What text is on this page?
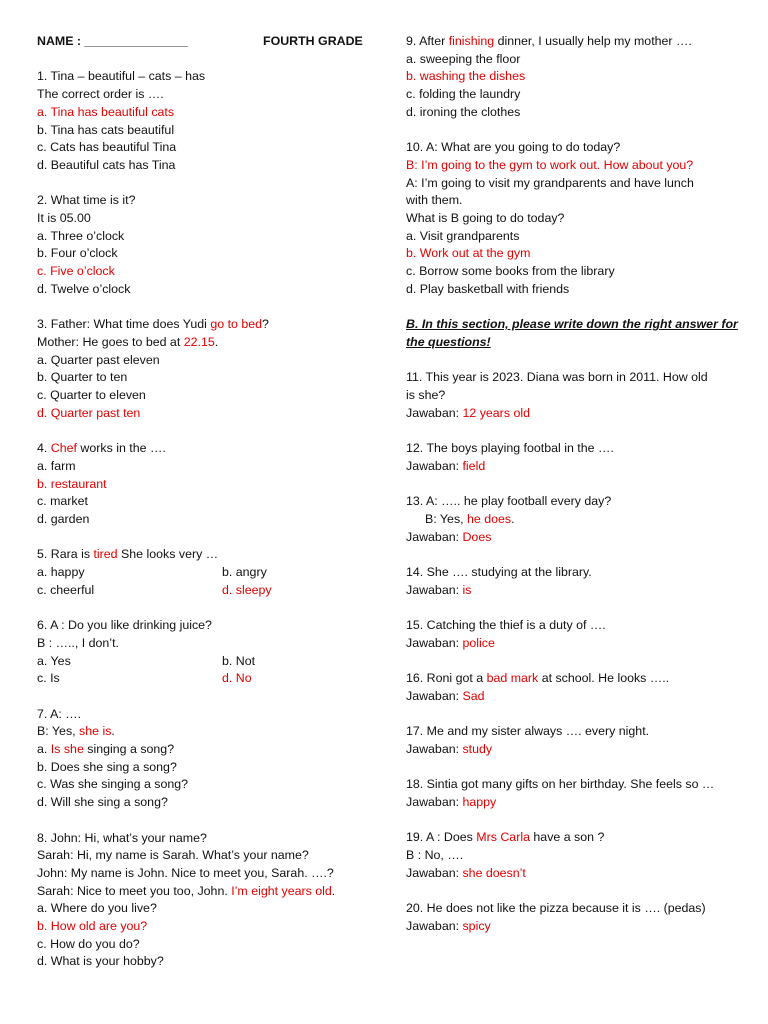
NAME : _______________	FOURTH GRADE
1. Tina – beautiful – cats – has
The correct order is ….
a. Tina has beautiful cats
b. Tina has cats beautiful
c. Cats has beautiful Tina
d. Beautiful cats has Tina
2. What time is it?
It is 05.00
a. Three o’clock
b. Four o’clock
c. Five o’clock
d. Twelve o’clock
3. Father: What time does Yudi go to bed?
Mother: He goes to bed at 22.15.
a. Quarter past eleven
b. Quarter to ten
c. Quarter to eleven
d. Quarter past ten
4. Chef works in the ….
a. farm
b. restaurant
c. market
d. garden
5. Rara is tired She looks very …
a. happy	b. angry
c. cheerful	d. sleepy
6. A : Do you like drinking juice?
B : ….., I don’t.
a. Yes	b. Not
c. Is	d. No
7. A: ….
B: Yes, she is.
a. Is she singing a song?
b. Does she sing a song?
c. Was she singing a song?
d. Will she sing a song?
8. John: Hi, what’s your name?
Sarah: Hi, my name is Sarah. What’s your name?
John: My name is John. Nice to meet you, Sarah. ….?
Sarah: Nice to meet you too, John. I’m eight years old.
a. Where do you live?
b. How old are you?
c. How do you do?
d. What is your hobby?
9. After finishing dinner, I usually help my mother ….
a. sweeping the floor
b. washing the dishes
c. folding the laundry
d. ironing the clothes
10. A: What are you going to do today?
B: I’m going to the gym to work out. How about you?
A: I’m going to visit my grandparents and have lunch
with them.
What is B going to do today?
a. Visit grandparents
b. Work out at the gym
c. Borrow some books from the library
d. Play basketball with friends
B. In this section, please write down the right answer for the questions!
11. This year is 2023. Diana was born in 2011. How old
is she?
Jawaban: 12 years old
12. The boys playing footbal in the ….
Jawaban: field
13. A: ….. he play football every day?
B: Yes, he does.
Jawaban: Does
14. She …. studying at the library.
Jawaban: is
15. Catching the thief is a duty of ….
Jawaban: police
16. Roni got a bad mark at school. He looks …..
Jawaban: Sad
17. Me and my sister always …. every night.
Jawaban: study
18. Sintia got many gifts on her birthday. She feels so …
Jawaban: happy
19. A : Does Mrs Carla have a son ?
B : No, ….
Jawaban: she doesn’t
20. He does not like the pizza because it is …. (pedas)
Jawaban: spicy
